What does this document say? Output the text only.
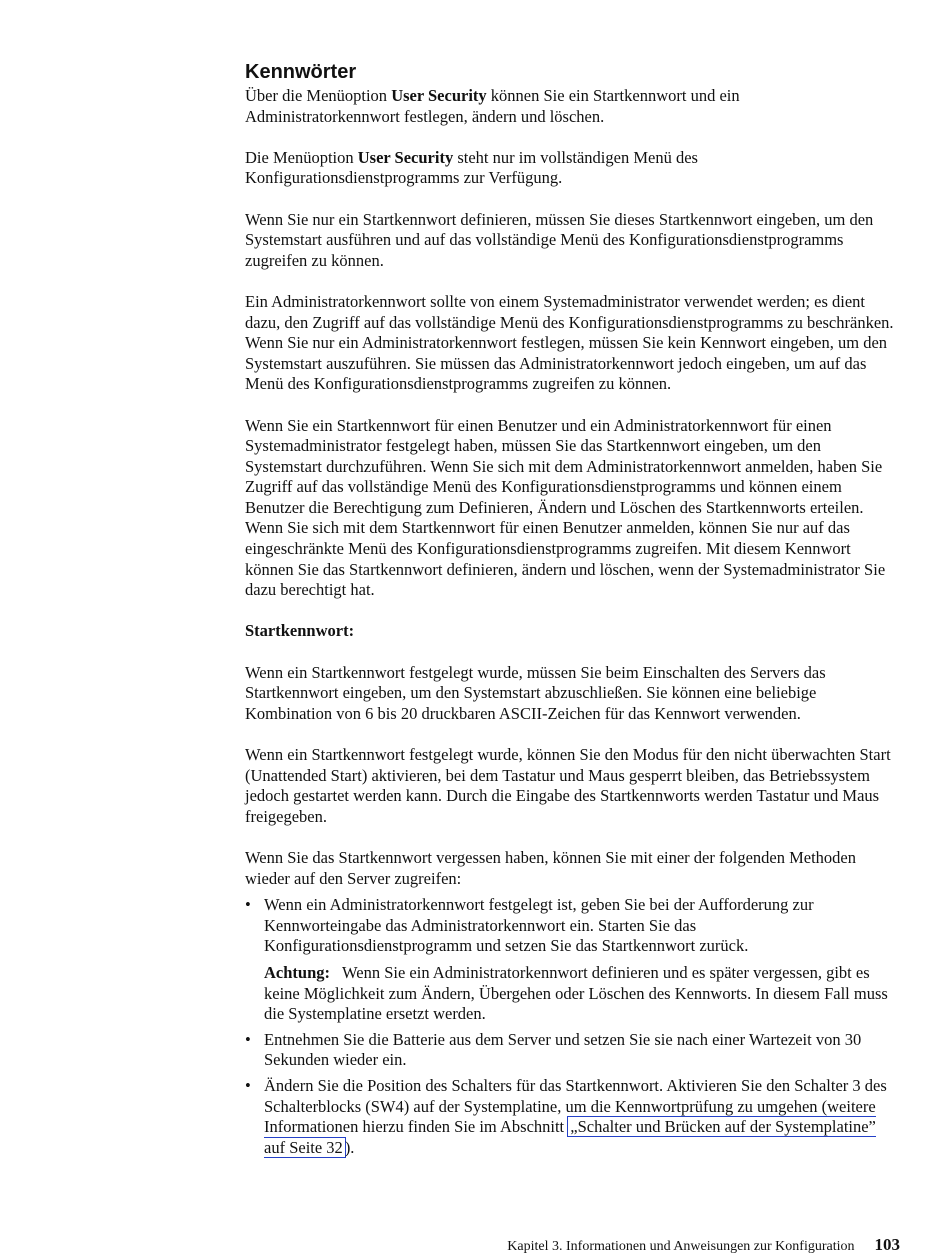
Kennwörter

Über die Menüoption User Security können Sie ein Startkennwort und ein Administratorkennwort festlegen, ändern und löschen.

Die Menüoption User Security steht nur im vollständigen Menü des Konfigurationsdienstprogramms zur Verfügung.

Wenn Sie nur ein Startkennwort definieren, müssen Sie dieses Startkennwort eingeben, um den Systemstart ausführen und auf das vollständige Menü des Konfigurationsdienstprogramms zugreifen zu können.

Ein Administratorkennwort sollte von einem Systemadministrator verwendet werden; es dient dazu, den Zugriff auf das vollständige Menü des Konfigurationsdienstprogramms zu beschränken. Wenn Sie nur ein Administratorkennwort festlegen, müssen Sie kein Kennwort eingeben, um den Systemstart auszuführen. Sie müssen das Administratorkennwort jedoch eingeben, um auf das Menü des Konfigurationsdienstprogramms zugreifen zu können.

Wenn Sie ein Startkennwort für einen Benutzer und ein Administratorkennwort für einen Systemadministrator festgelegt haben, müssen Sie das Startkennwort eingeben, um den Systemstart durchzuführen. Wenn Sie sich mit dem Administratorkennwort anmelden, haben Sie Zugriff auf das vollständige Menü des Konfigurationsdienstprogramms und können einem Benutzer die Berechtigung zum Definieren, Ändern und Löschen des Startkennworts erteilen. Wenn Sie sich mit dem Startkennwort für einen Benutzer anmelden, können Sie nur auf das eingeschränkte Menü des Konfigurationsdienstprogramms zugreifen. Mit diesem Kennwort können Sie das Startkennwort definieren, ändern und löschen, wenn der Systemadministrator Sie dazu berechtigt hat.

Startkennwort:

Wenn ein Startkennwort festgelegt wurde, müssen Sie beim Einschalten des Servers das Startkennwort eingeben, um den Systemstart abzuschließen. Sie können eine beliebige Kombination von 6 bis 20 druckbaren ASCII-Zeichen für das Kennwort verwenden.

Wenn ein Startkennwort festgelegt wurde, können Sie den Modus für den nicht überwachten Start (Unattended Start) aktivieren, bei dem Tastatur und Maus gesperrt bleiben, das Betriebssystem jedoch gestartet werden kann. Durch die Eingabe des Startkennworts werden Tastatur und Maus freigegeben.

Wenn Sie das Startkennwort vergessen haben, können Sie mit einer der folgenden Methoden wieder auf den Server zugreifen:

• Wenn ein Administratorkennwort festgelegt ist, geben Sie bei der Aufforderung zur Kennworteingabe das Administratorkennwort ein. Starten Sie das Konfigurationsdienstprogramm und setzen Sie das Startkennwort zurück.
Achtung: Wenn Sie ein Administratorkennwort definieren und es später vergessen, gibt es keine Möglichkeit zum Ändern, Übergehen oder Löschen des Kennworts. In diesem Fall muss die Systemplatine ersetzt werden.
• Entnehmen Sie die Batterie aus dem Server und setzen Sie sie nach einer Wartezeit von 30 Sekunden wieder ein.
• Ändern Sie die Position des Schalters für das Startkennwort. Aktivieren Sie den Schalter 3 des Schalterblocks (SW4) auf der Systemplatine, um die Kennwortprüfung zu umgehen (weitere Informationen hierzu finden Sie im Abschnitt „Schalter und Brücken auf der Systemplatine” auf Seite 32 ).
Kapitel 3. Informationen und Anweisungen zur Konfiguration 103
